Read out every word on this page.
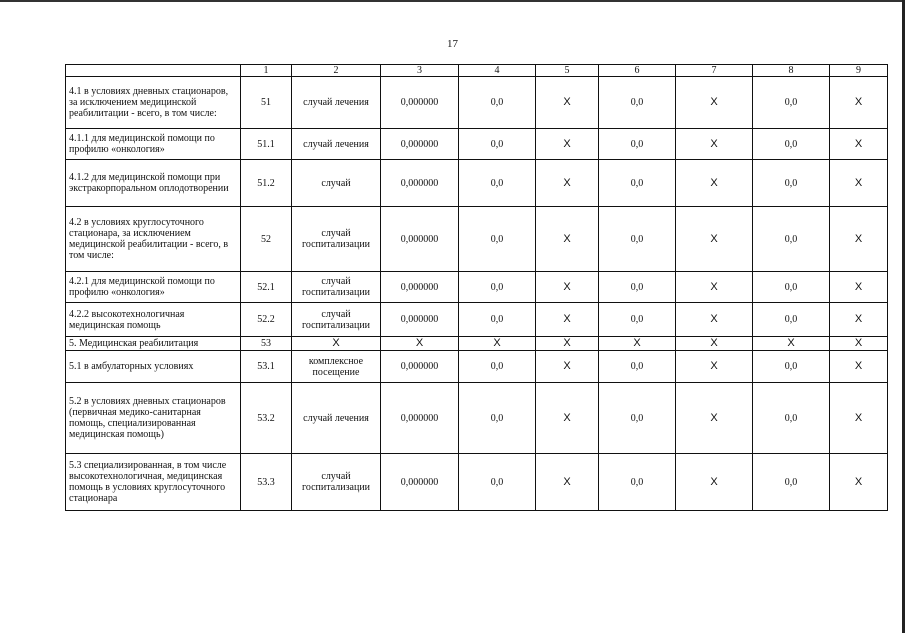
17
	1	2	3	4	5	6	7	8	9
4.1 в условиях дневных стационаров, за исключением медицинской реабилитации - всего, в том числе:	51	случай лечения	0,000000	0,0	X	0,0	X	0,0	X
4.1.1 для медицинской помощи по профилю «онкология»	51.1	случай лечения	0,000000	0,0	X	0,0	X	0,0	X
4.1.2 для медицинской помощи при экстракорпоральном оплодотворении	51.2	случай	0,000000	0,0	X	0,0	X	0,0	X
4.2 в условиях круглосуточного стационара, за исключением медицинской реабилитации - всего, в том числе:	52	случай госпитализации	0,000000	0,0	X	0,0	X	0,0	X
4.2.1 для медицинской помощи по профилю «онкология»	52.1	случай госпитализации	0,000000	0,0	X	0,0	X	0,0	X
4.2.2 высокотехнологичная медицинская помощь	52.2	случай госпитализации	0,000000	0,0	X	0,0	X	0,0	X
5. Медицинская реабилитация	53	X	X	X	X	X	X	X	X
5.1 в амбулаторных условиях	53.1	комплексное посещение	0,000000	0,0	X	0,0	X	0,0	X
5.2 в условиях дневных стационаров (первичная медико-санитарная помощь, специализированная медицинская помощь)	53.2	случай лечения	0,000000	0,0	X	0,0	X	0,0	X
5.3 специализированная, в том числе высокотехнологичная, медицинская помощь в условиях круглосуточного стационара	53.3	случай госпитализации	0,000000	0,0	X	0,0	X	0,0	X
